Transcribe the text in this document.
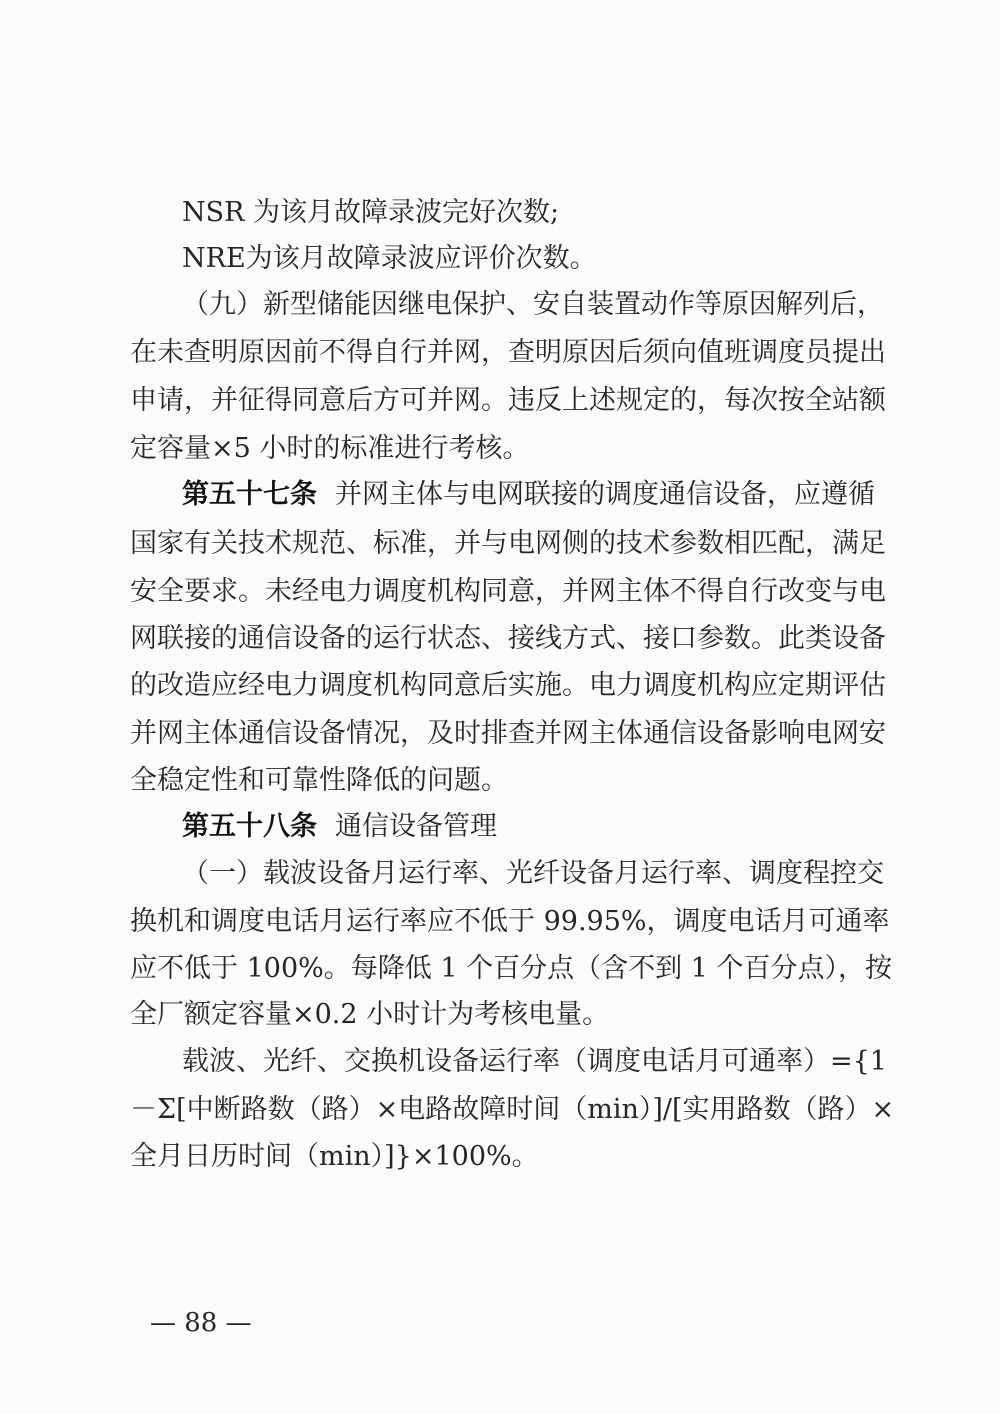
NSR 为该月故障录波完好次数;
NRE为该月故障录波应评价次数。
（九）新型储能因继电保护、安自装置动作等原因解列后，
在未查明原因前不得自行并网，查明原因后须向值班调度员提出
申请，并征得同意后方可并网。违反上述规定的，每次按全站额
定容量×5 小时的标准进行考核。
第五十七条 并网主体与电网联接的调度通信设备，应遵循
国家有关技术规范、标准，并与电网侧的技术参数相匹配，满足
安全要求。未经电力调度机构同意，并网主体不得自行改变与电
网联接的通信设备的运行状态、接线方式、接口参数。此类设备
的改造应经电力调度机构同意后实施。电力调度机构应定期评估
并网主体通信设备情况，及时排查并网主体通信设备影响电网安
全稳定性和可靠性降低的问题。
第五十八条 通信设备管理
（一）载波设备月运行率、光纤设备月运行率、调度程控交
换机和调度电话月运行率应不低于 99.95%，调度电话月可通率
应不低于 100%。每降低 1 个百分点（含不到 1 个百分点），按
全厂额定容量×0.2 小时计为考核电量。
载波、光纤、交换机设备运行率（调度电话月可通率）={1
－Σ[中断路数（路）×电路故障时间（min）]/[实用路数（路）×
全月日历时间（min）]}×100%。
— 88 —
